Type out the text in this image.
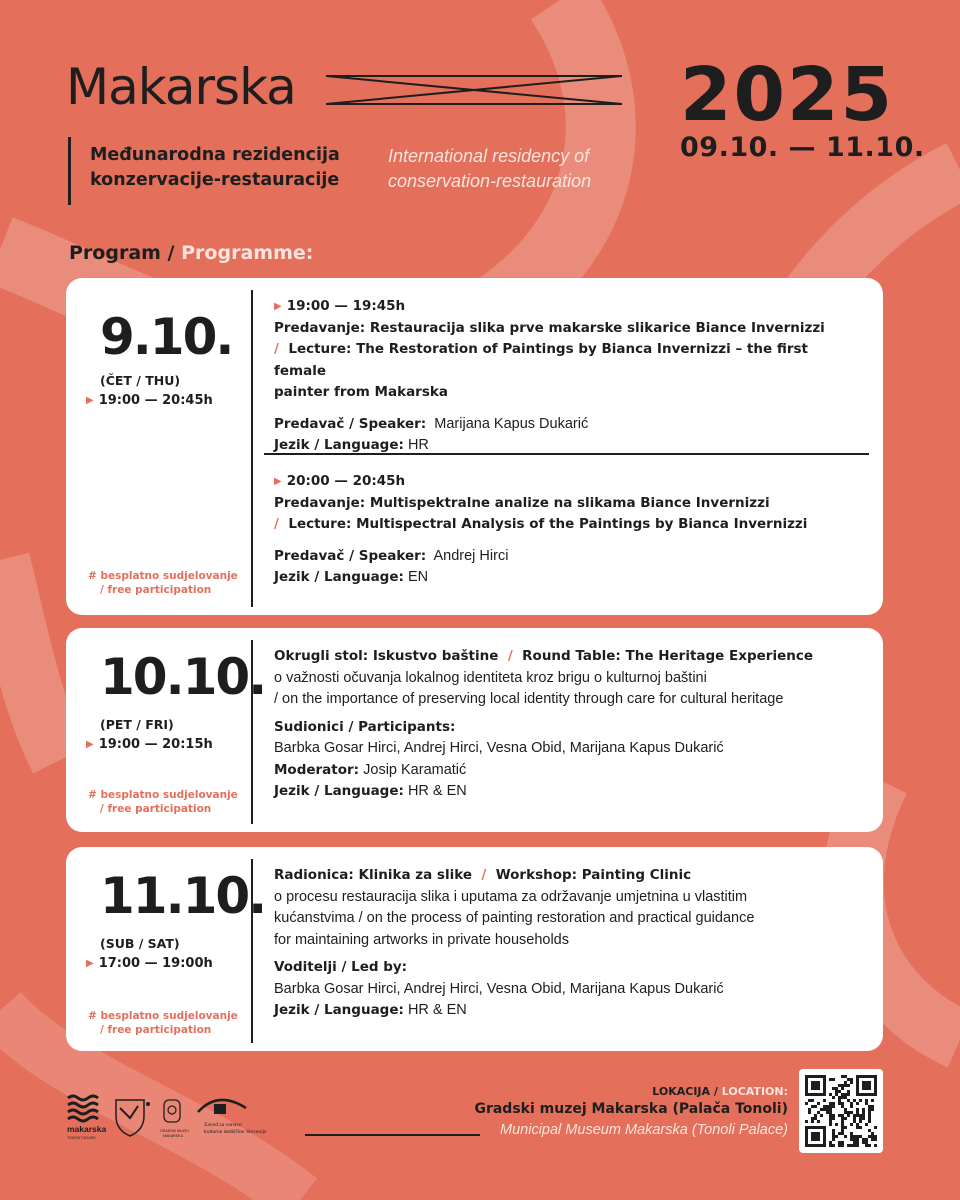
Makarska	2025
09.10. — 11.10.
Međunarodna rezidencija
konzervacije-restauracije
International residency of
conservation-restauration
Program / Programme:
9.10.
(ČET / THU)
▶ 19:00 — 20:45h
# besplatno sudjelovanje
/ free participation
▶ 19:00 — 19:45h
Predavanje: Restauracija slika prve makarske slikarice Biance Invernizzi
/ Lecture: The Restoration of Paintings by Bianca Invernizzi – the first female
painter from Makarska
Predavač / Speaker: Marijana Kapus Dukarić
Jezik / Language: HR
▶ 20:00 — 20:45h
Predavanje: Multispektralne analize na slikama Biance Invernizzi
/ Lecture: Multispectral Analysis of the Paintings by Bianca Invernizzi
Predavač / Speaker: Andrej Hirci
Jezik / Language: EN
10.10.
(PET / FRI)
▶ 19:00 — 20:15h
# besplatno sudjelovanje
/ free participation
Okrugli stol: Iskustvo baštine / Round Table: The Heritage Experience
o važnosti očuvanja lokalnog identiteta kroz brigu o kulturnoj baštini
/ on the importance of preserving local identity through care for cultural heritage
Sudionici / Participants:
Barbka Gosar Hirci, Andrej Hirci, Vesna Obid, Marijana Kapus Dukarić
Moderator: Josip Karamatić
Jezik / Language: HR & EN
11.10.
(SUB / SAT)
▶ 17:00 — 19:00h
# besplatno sudjelovanje
/ free participation
Radionica: Klinika za slike / Workshop: Painting Clinic
o procesu restauracija slika i uputama za održavanje umjetnina u vlastitim
kućanstvima / on the process of painting restoration and practical guidance
for maintaining artworks in private households
Voditelji / Led by:
Barbka Gosar Hirci, Andrej Hirci, Vesna Obid, Marijana Kapus Dukarić
Jezik / Language: HR & EN
makarska
TOURIST BOARD
GRADSKI MUZEJ
MAKARSKA
Zavod za varstvo
kulturne dediščine Slovenije
LOKACIJA / LOCATION:
Gradski muzej Makarska (Palača Tonoli)
Municipal Museum Makarska (Tonoli Palace)
